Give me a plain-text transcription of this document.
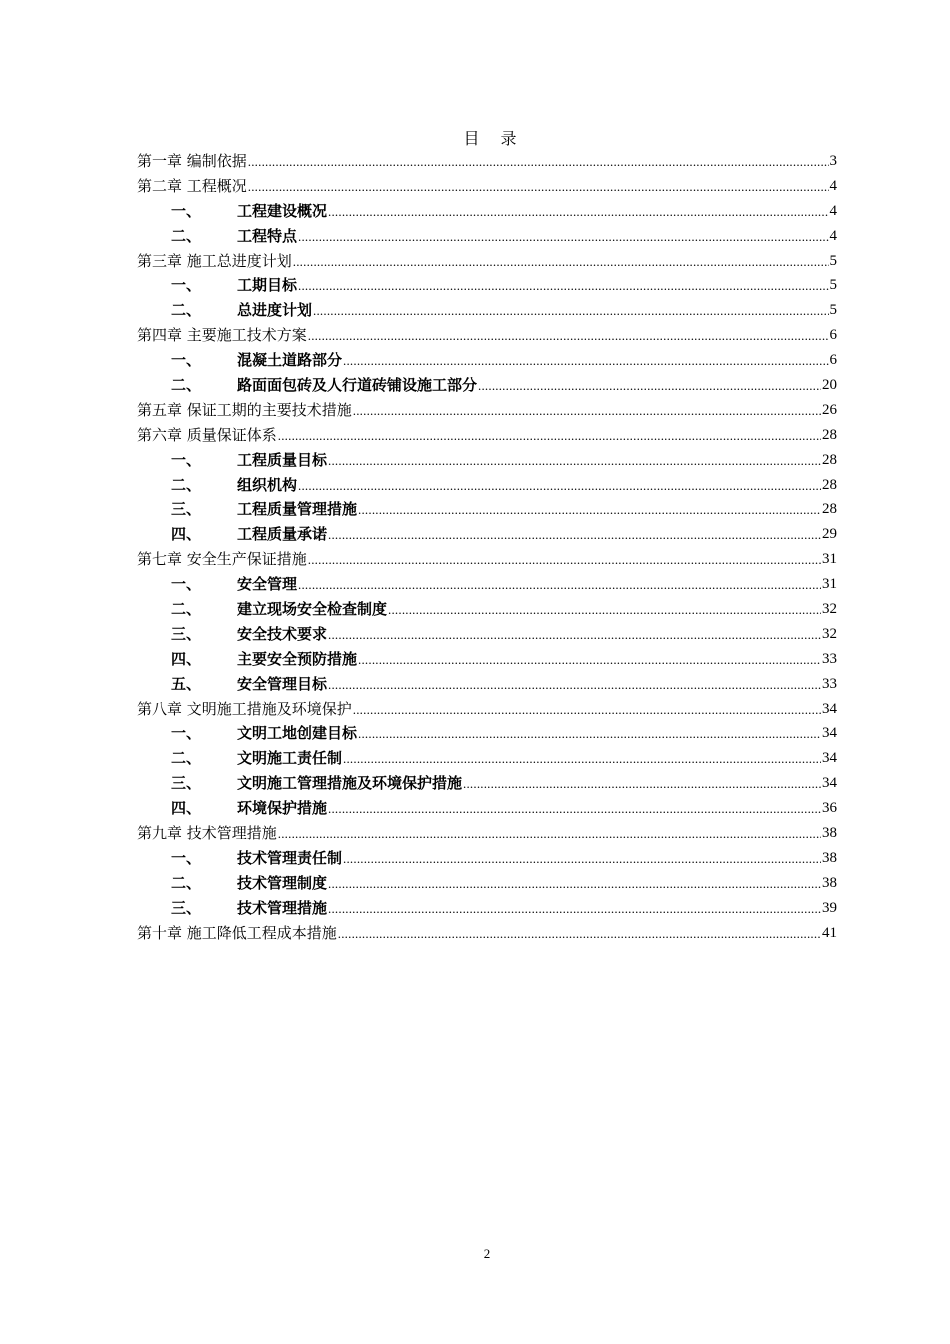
目 录
第一章 编制依据 .....	3
第二章 工程概况 .....	4
一、	工程建设概况 .....	4
二、	工程特点 .....	4
第三章 施工总进度计划 .....	5
一、	工期目标 .....	5
二、	总进度计划 .....	5
第四章 主要施工技术方案 .....	6
一、	混凝土道路部分 .....	6
二、	路面面包砖及人行道砖铺设施工部分 .....	20
第五章 保证工期的主要技术措施 .....	26
第六章 质量保证体系 .....	28
一、	工程质量目标 .....	28
二、	组织机构 .....	28
三、	工程质量管理措施 .....	28
四、	工程质量承诺 .....	29
第七章 安全生产保证措施 .....	31
一、	安全管理 .....	31
二、	建立现场安全检查制度 .....	32
三、	安全技术要求 .....	32
四、	主要安全预防措施 .....	33
五、	安全管理目标 .....	33
第八章 文明施工措施及环境保护 .....	34
一、	文明工地创建目标 .....	34
二、	文明施工责任制 .....	34
三、	文明施工管理措施及环境保护措施 .....	34
四、	环境保护措施 .....	36
第九章 技术管理措施 .....	38
一、	技术管理责任制 .....	38
二、	技术管理制度 .....	38
三、	技术管理措施 .....	39
第十章 施工降低工程成本措施 .....	41
2
